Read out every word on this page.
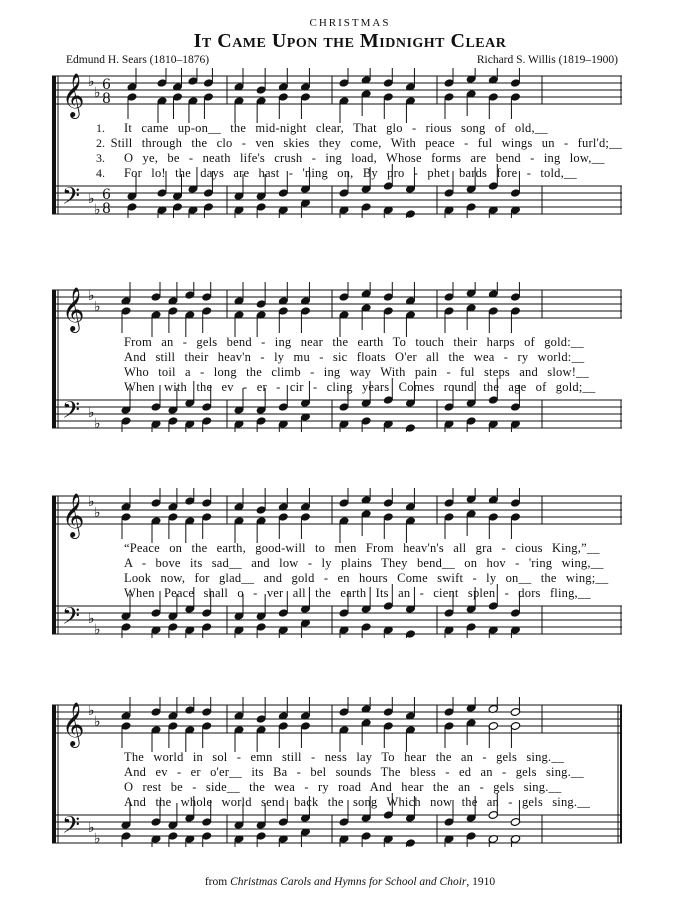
CHRISTMAS
It Came Upon the Midnight Clear
Edmund H. Sears (1810–1876)	Richard S. Willis (1819–1900)
𝄞
𝄢
♭
♭
♭
♭
6
8
6
8
1.	It came up-on__ the mid-night clear, That glo - rious song of old,__
2. Still through the clo - ven skies they come, With peace - ful wings un - furl'd;__
3.	O ye, be - neath life's crush - ing load, Whose forms are bend - ing low,__
4.	For lo! the days are hast - 'ning on, By pro - phet bards fore - told,__
𝄞
𝄢
♭
♭
♭
♭
From an - gels bend - ing near the earth To touch their harps of gold:__
And still their heav'n - ly mu - sic floats O'er all the wea - ry world:__
Who toil a - long the climb - ing way With pain - ful steps and slow!__
When with the ev - er - cir - cling years Comes round the age of gold;__
𝄞
𝄢
♭
♭
♭
♭
“Peace on the earth, good-will to men From heav'n's all gra - cious King,”__
A - bove its sad__ and low - ly plains They bend__ on hov - 'ring wing,__
Look now, for glad__ and gold - en hours Come swift - ly on__ the wing;__
When Peace shall o - ver all the earth Its an - cient splen - dors fling,__
𝄞
𝄢
♭
♭
♭
♭
The world in sol - emn still - ness lay To hear the an - gels sing.__
And ev - er o'er__ its Ba - bel sounds The bless - ed an - gels sing.__
O rest be - side__ the wea - ry road And hear the an - gels sing.__
And the whole world send back the song Which now the an - gels sing.__
from Christmas Carols and Hymns for School and Choir, 1910
